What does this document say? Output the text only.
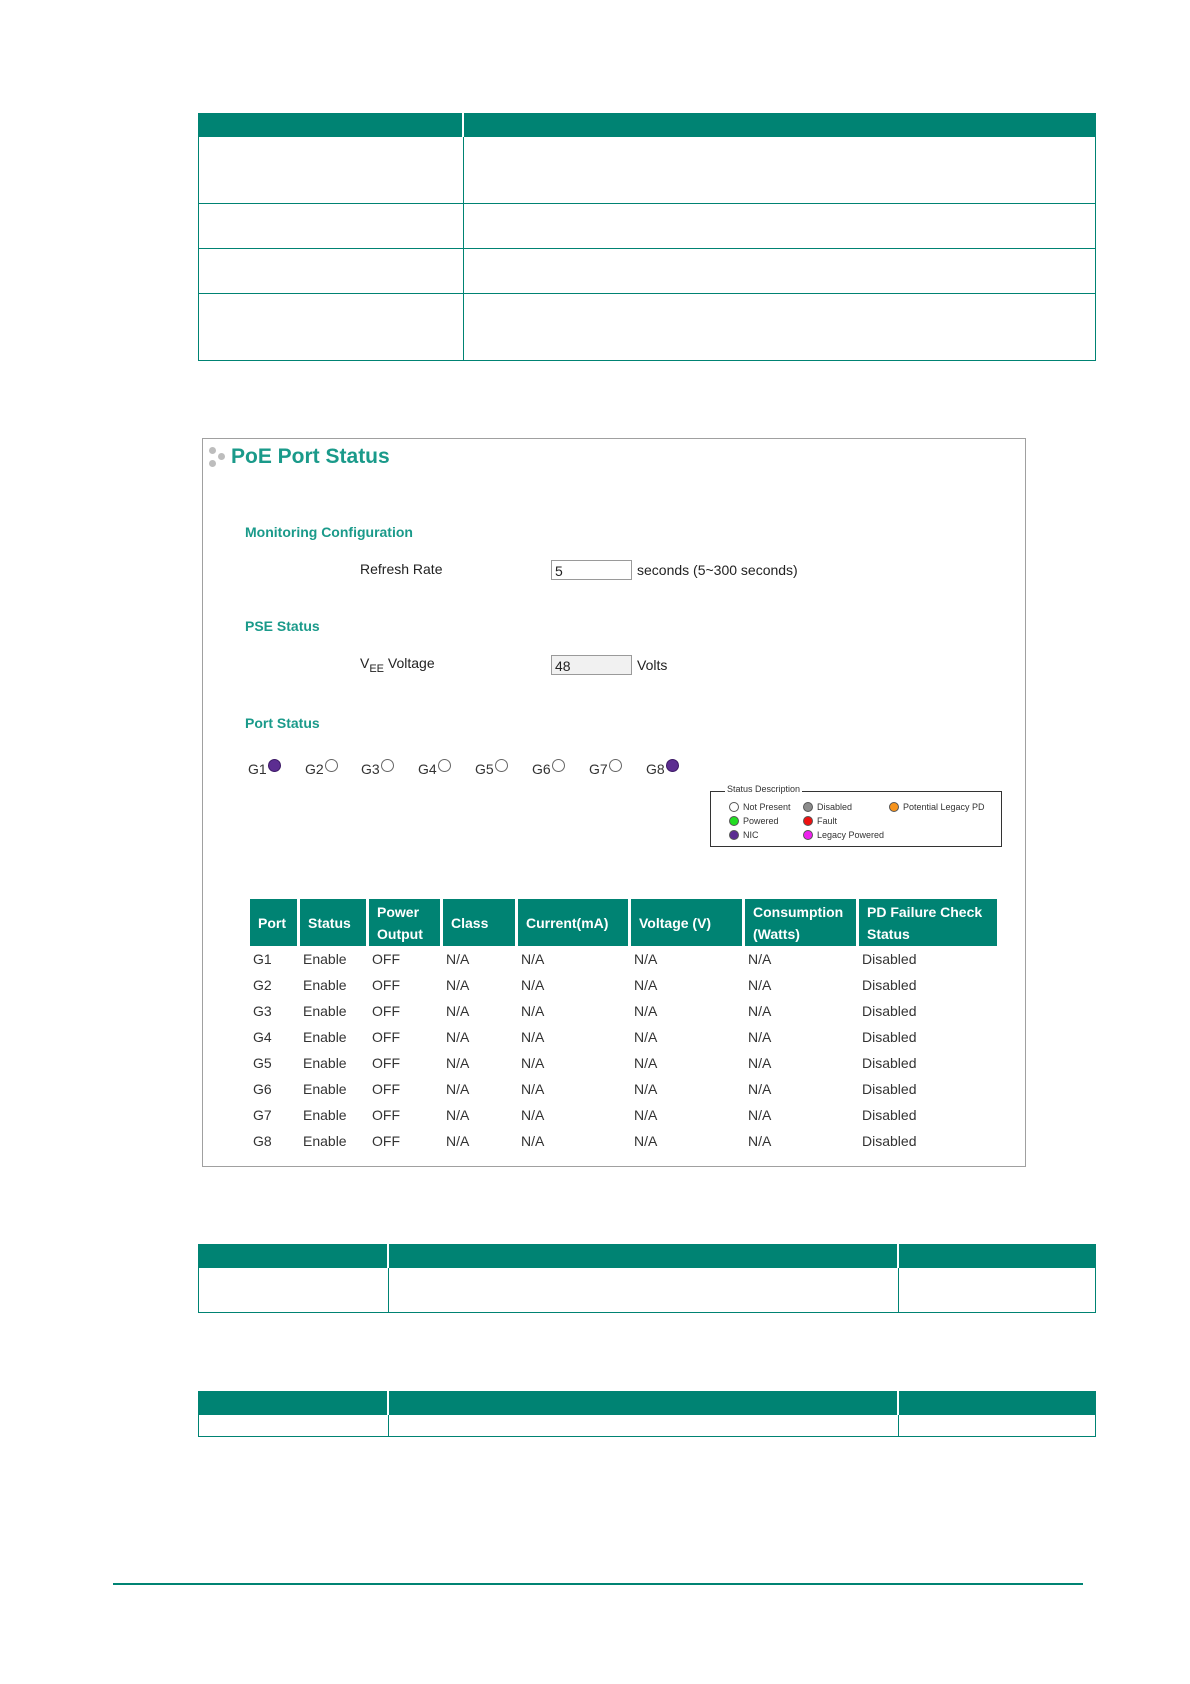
PoE Port Status
Monitoring Configuration
Refresh Rate	5	seconds (5~300 seconds)
PSE Status
$V_{EE}$ Voltage	48	Volts
Port Status
G1	G2	G3	G4	G5	G6	G7	G8
Status Description
Not Present	Disabled	Potential Legacy PD
Powered	Fault
NIC	Legacy Powered
Port	Status	Power Output	Class	Current(mA)	Voltage (V)	Consumption (Watts)	PD Failure Check Status
G1	Enable	OFF	N/A	N/A	N/A	N/A	Disabled
G2	Enable	OFF	N/A	N/A	N/A	N/A	Disabled
G3	Enable	OFF	N/A	N/A	N/A	N/A	Disabled
G4	Enable	OFF	N/A	N/A	N/A	N/A	Disabled
G5	Enable	OFF	N/A	N/A	N/A	N/A	Disabled
G6	Enable	OFF	N/A	N/A	N/A	N/A	Disabled
G7	Enable	OFF	N/A	N/A	N/A	N/A	Disabled
G8	Enable	OFF	N/A	N/A	N/A	N/A	Disabled
